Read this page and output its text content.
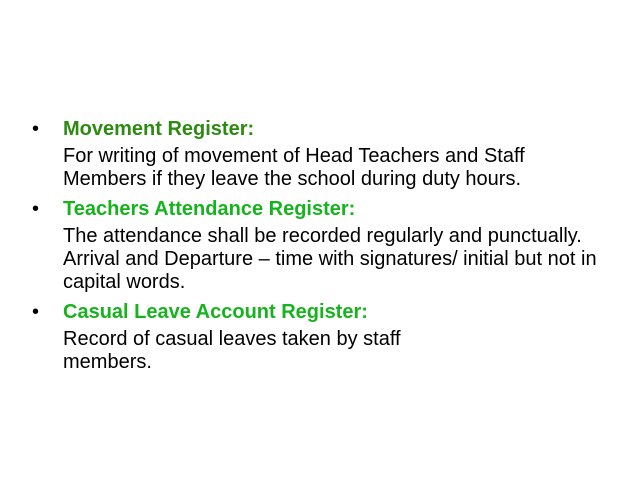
•	Movement Register:
For writing of movement of Head Teachers and Staff Members if they leave the school during duty hours.
•	Teachers Attendance Register:
The attendance shall be recorded regularly and punctually. Arrival and Departure – time with signatures/ initial but not in capital words.
•	Casual Leave Account Register:
Record of casual leaves taken by staff members.
